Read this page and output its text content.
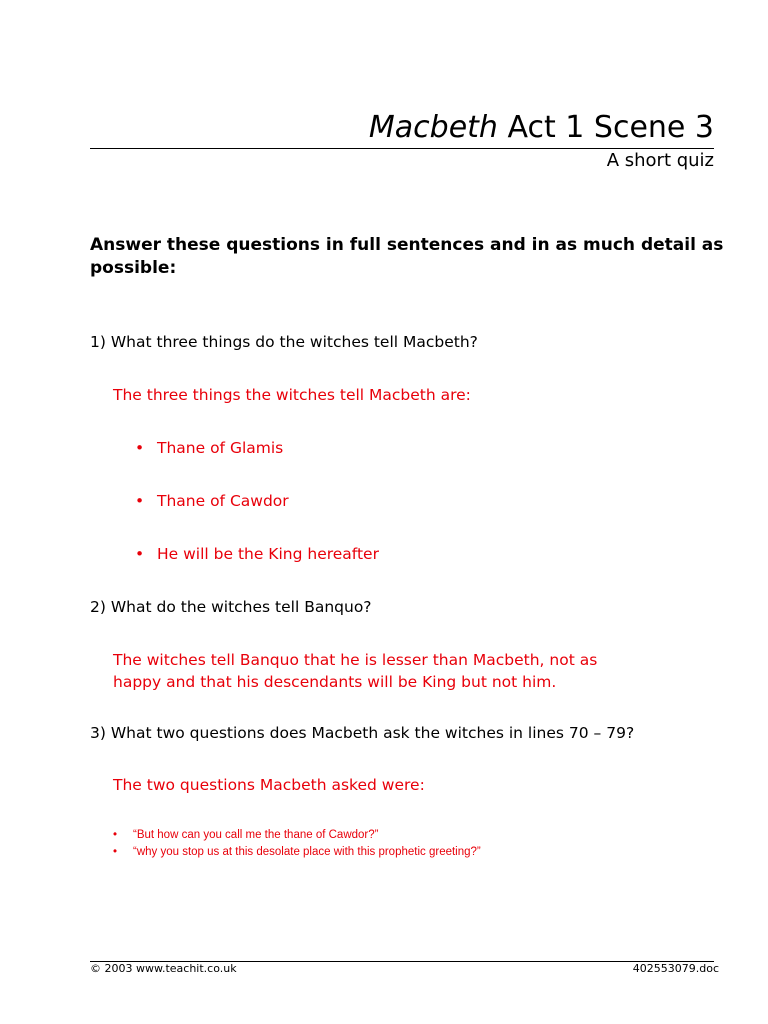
Macbeth Act 1 Scene 3
A short quiz
Answer these questions in full sentences and in as much detail as possible:
1) What three things do the witches tell Macbeth?
The three things the witches tell Macbeth are:
• Thane of Glamis
• Thane of Cawdor
• He will be the King hereafter
2) What do the witches tell Banquo?
The witches tell Banquo that he is lesser than Macbeth, not as
happy and that his descendants will be King but not him.
3) What two questions does Macbeth ask the witches in lines 70 – 79?
The two questions Macbeth asked were:
• “But how can you call me the thane of Cawdor?”
• “why you stop us at this desolate place with this prophetic greeting?”
© 2003 www.teachit.co.uk	402553079.doc
